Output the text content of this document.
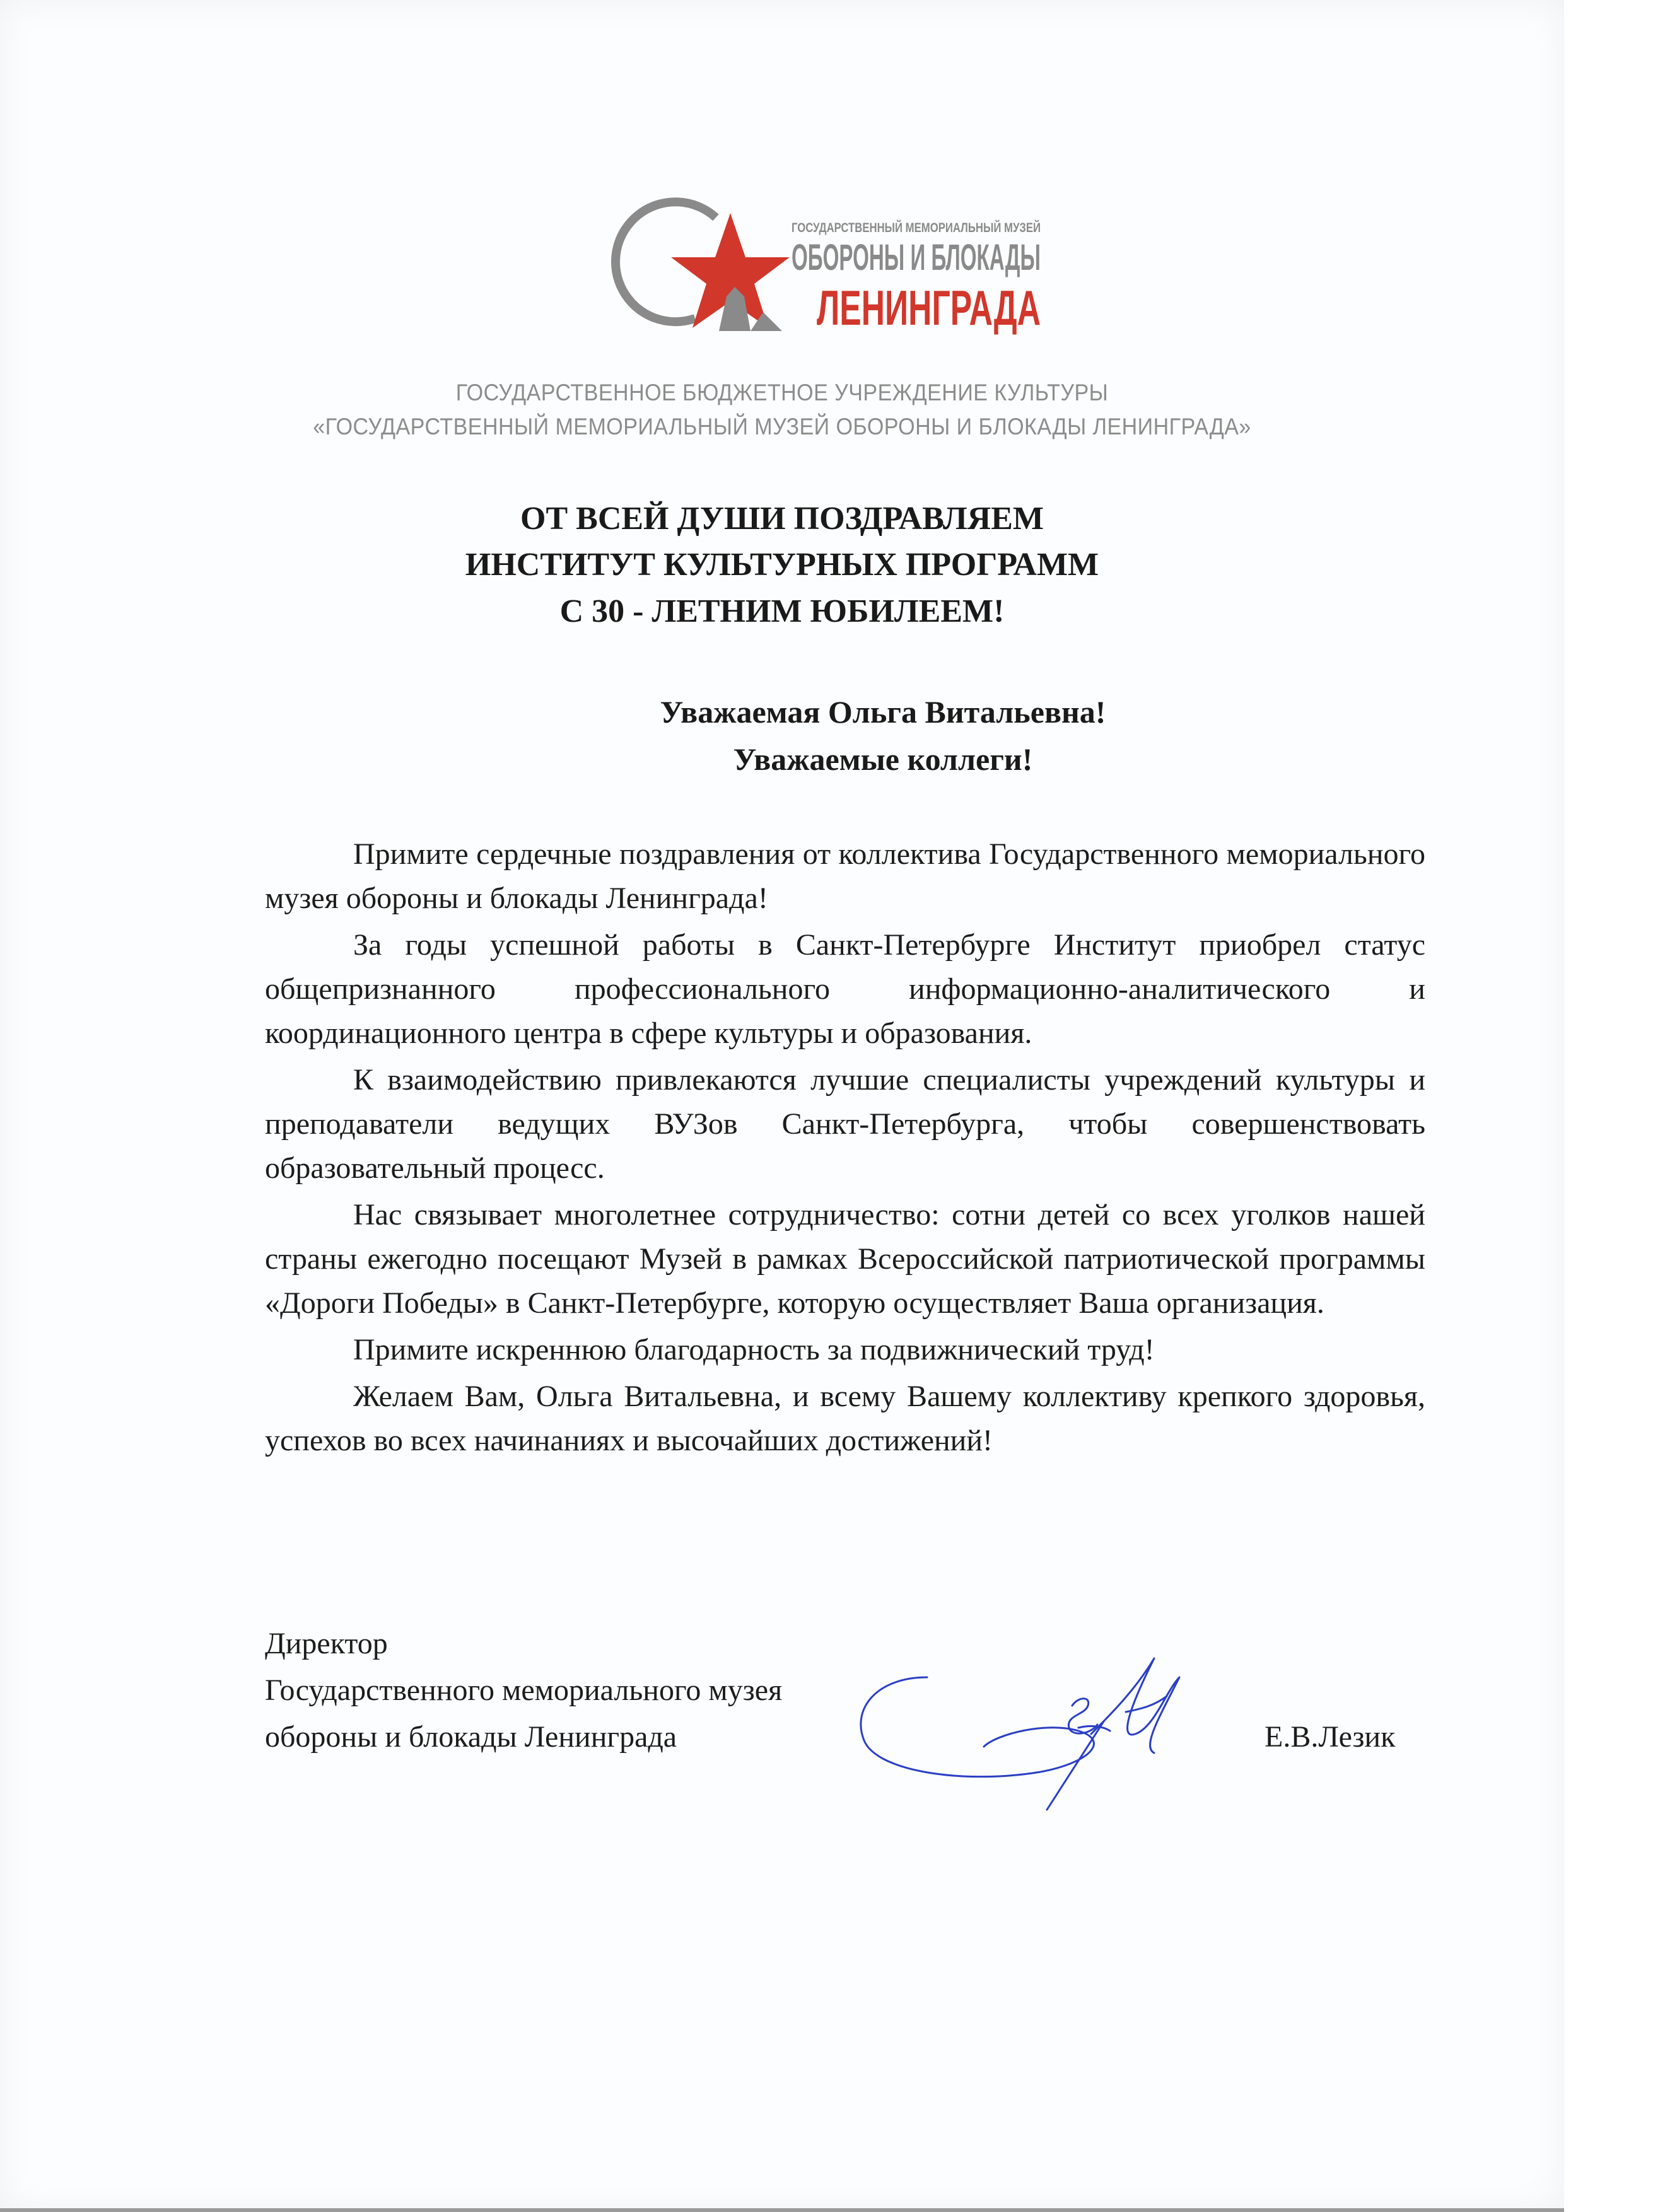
ГОСУДАРСТВЕННЫЙ МЕМОРИАЛЬНЫЙ МУЗЕЙ
ОБОРОНЫ И БЛОКАДЫ
ЛЕНИНГРАДА
ГОСУДАРСТВЕННОЕ БЮДЖЕТНОЕ УЧРЕЖДЕНИЕ КУЛЬТУРЫ
«ГОСУДАРСТВЕННЫЙ МЕМОРИАЛЬНЫЙ МУЗЕЙ ОБОРОНЫ И БЛОКАДЫ ЛЕНИНГРАДА»
ОТ ВСЕЙ ДУШИ ПОЗДРАВЛЯЕМ
ИНСТИТУТ КУЛЬТУРНЫХ ПРОГРАММ
С 30 - ЛЕТНИМ ЮБИЛЕЕМ!
Уважаемая Ольга Витальевна!
Уважаемые коллеги!

Примите сердечные поздравления от коллектива Государственного мемориального музея обороны и блокады Ленинграда!

За годы успешной работы в Санкт-Петербурге Институт приобрел статус общепризнанного профессионального информационно-аналитического и координационного центра в сфере культуры и образования.

К взаимодействию привлекаются лучшие специалисты учреждений культуры и преподаватели ведущих ВУЗов Санкт-Петербурга, чтобы совершенствовать образовательный процесс.

Нас связывает многолетнее сотрудничество: сотни детей со всех уголков нашей страны ежегодно посещают Музей в рамках Всероссийской патриотической программы «Дороги Победы» в Санкт-Петербурге, которую осуществляет Ваша организация.

Примите искреннюю благодарность за подвижнический труд!

Желаем Вам, Ольга Витальевна, и всему Вашему коллективу крепкого здоровья, успехов во всех начинаниях и высочайших достижений!

Директор
Государственного мемориального музея
обороны и блокады Ленинграда	Е.В.Лезик
